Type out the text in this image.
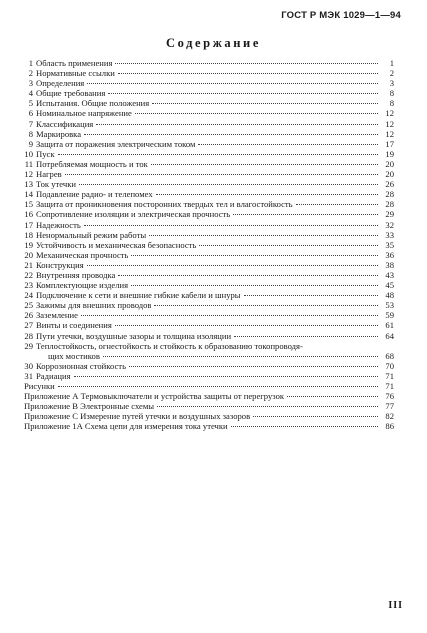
ГОСТ Р МЭК 1029—1—94
Содержание
1 Область применения	1
2 Нормативные ссылки	2
3 Определения	3
4 Общие требования	8
5 Испытания. Общие положения	8
6 Номинальное напряжение	12
7 Классификация	12
8 Маркировка	12
9 Защита от поражения электрическим током	17
10 Пуск	19
11 Потребляемая мощность и ток	20
12 Нагрев	20
13 Ток утечки	26
14 Подавление радио- и телепомех	28
15 Защита от проникновения посторонних твердых тел и влагостойкость	28
16 Сопротивление изоляции и электрическая прочность	29
17 Надежность	32
18 Ненормальный режим работы	33
19 Устойчивость и механическая безопасность	35
20 Механическая прочность	36
21 Конструкция	38
22 Внутренняя проводка	43
23 Комплектующие изделия	45
24 Подключение к сети и внешние гибкие кабели и шнуры	48
25 Зажимы для внешних проводов	53
26 Заземление	59
27 Винты и соединения	61
28 Пути утечки, воздушные зазоры и толщина изоляции	64
29 Теплостойкость, огнестойкость и стойкость к образованию токопроводя-
щих мостиков	68
30 Коррозионная стойкость	70
31 Радиация	71
Рисунки	71
Приложение А Термовыключатели и устройства защиты от перегрузок	76
Приложение В Электронные схемы	77
Приложение С Измерение путей утечки и воздушных зазоров	82
Приложение 1А Схема цепи для измерения тока утечки	86
III
